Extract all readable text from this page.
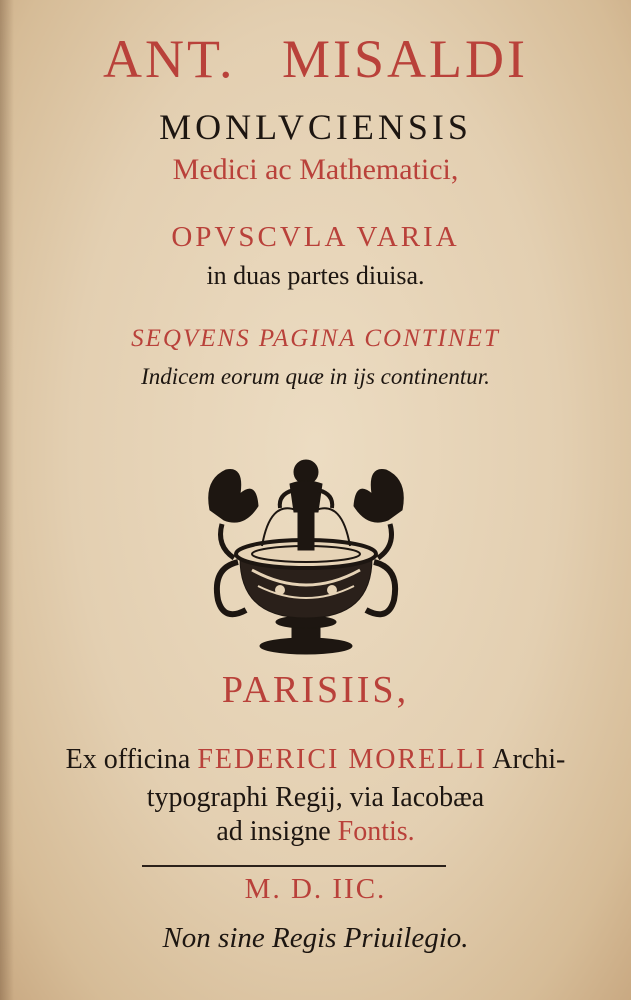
ANT. MISALDI
MONLVCIENSIS
Medici ac Mathematici,
OPVSCVLA VARIA
in duas partes diuisa.
SEQVENS PAGINA CONTINET
Indicem eorum quæ in ijs continentur.
PARISIIS,
Ex officina FEDERICI MORELLI Archi-
typographi Regij, via Iacobæa
ad insigne Fontis.
M. D. IIC.
Non sine Regis Priuilegio.
